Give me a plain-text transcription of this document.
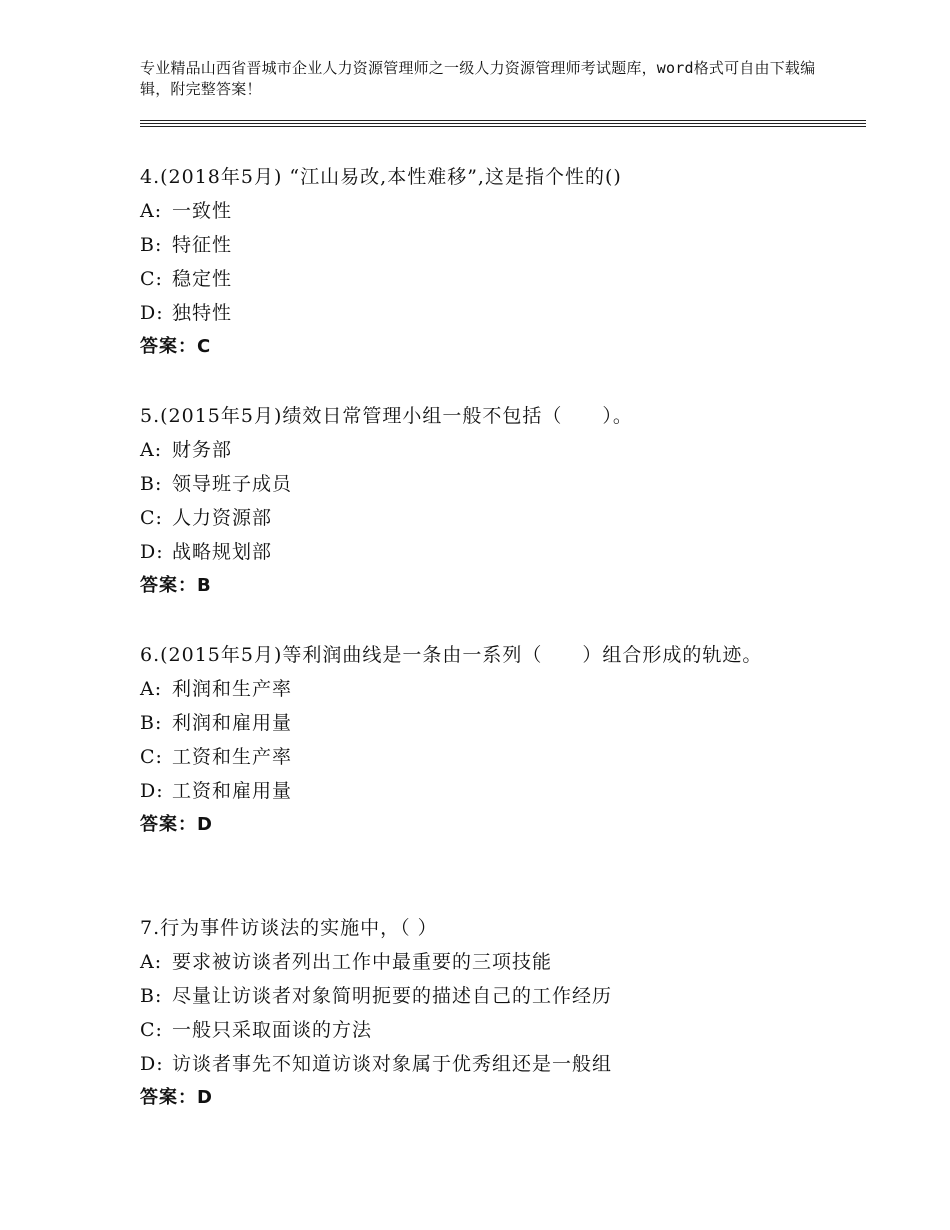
专业精品山西省晋城市企业人力资源管理师之一级人力资源管理师考试题库，word格式可自由下载编辑，附完整答案！
4.(2018年5月) “江山易改,本性难移”,这是指个性的()
A: 一致性
B: 特征性
C: 稳定性
D: 独特性
答案：C
5.(2015年5月)绩效日常管理小组一般不包括（　　）。
A: 财务部
B: 领导班子成员
C: 人力资源部
D: 战略规划部
答案：B
6.(2015年5月)等利润曲线是一条由一系列（　　）组合形成的轨迹。
A: 利润和生产率
B: 利润和雇用量
C: 工资和生产率
D: 工资和雇用量
答案：D
7.行为事件访谈法的实施中，（ ）
A: 要求被访谈者列出工作中最重要的三项技能
B: 尽量让访谈者对象简明扼要的描述自己的工作经历
C: 一般只采取面谈的方法
D: 访谈者事先不知道访谈对象属于优秀组还是一般组
答案：D
